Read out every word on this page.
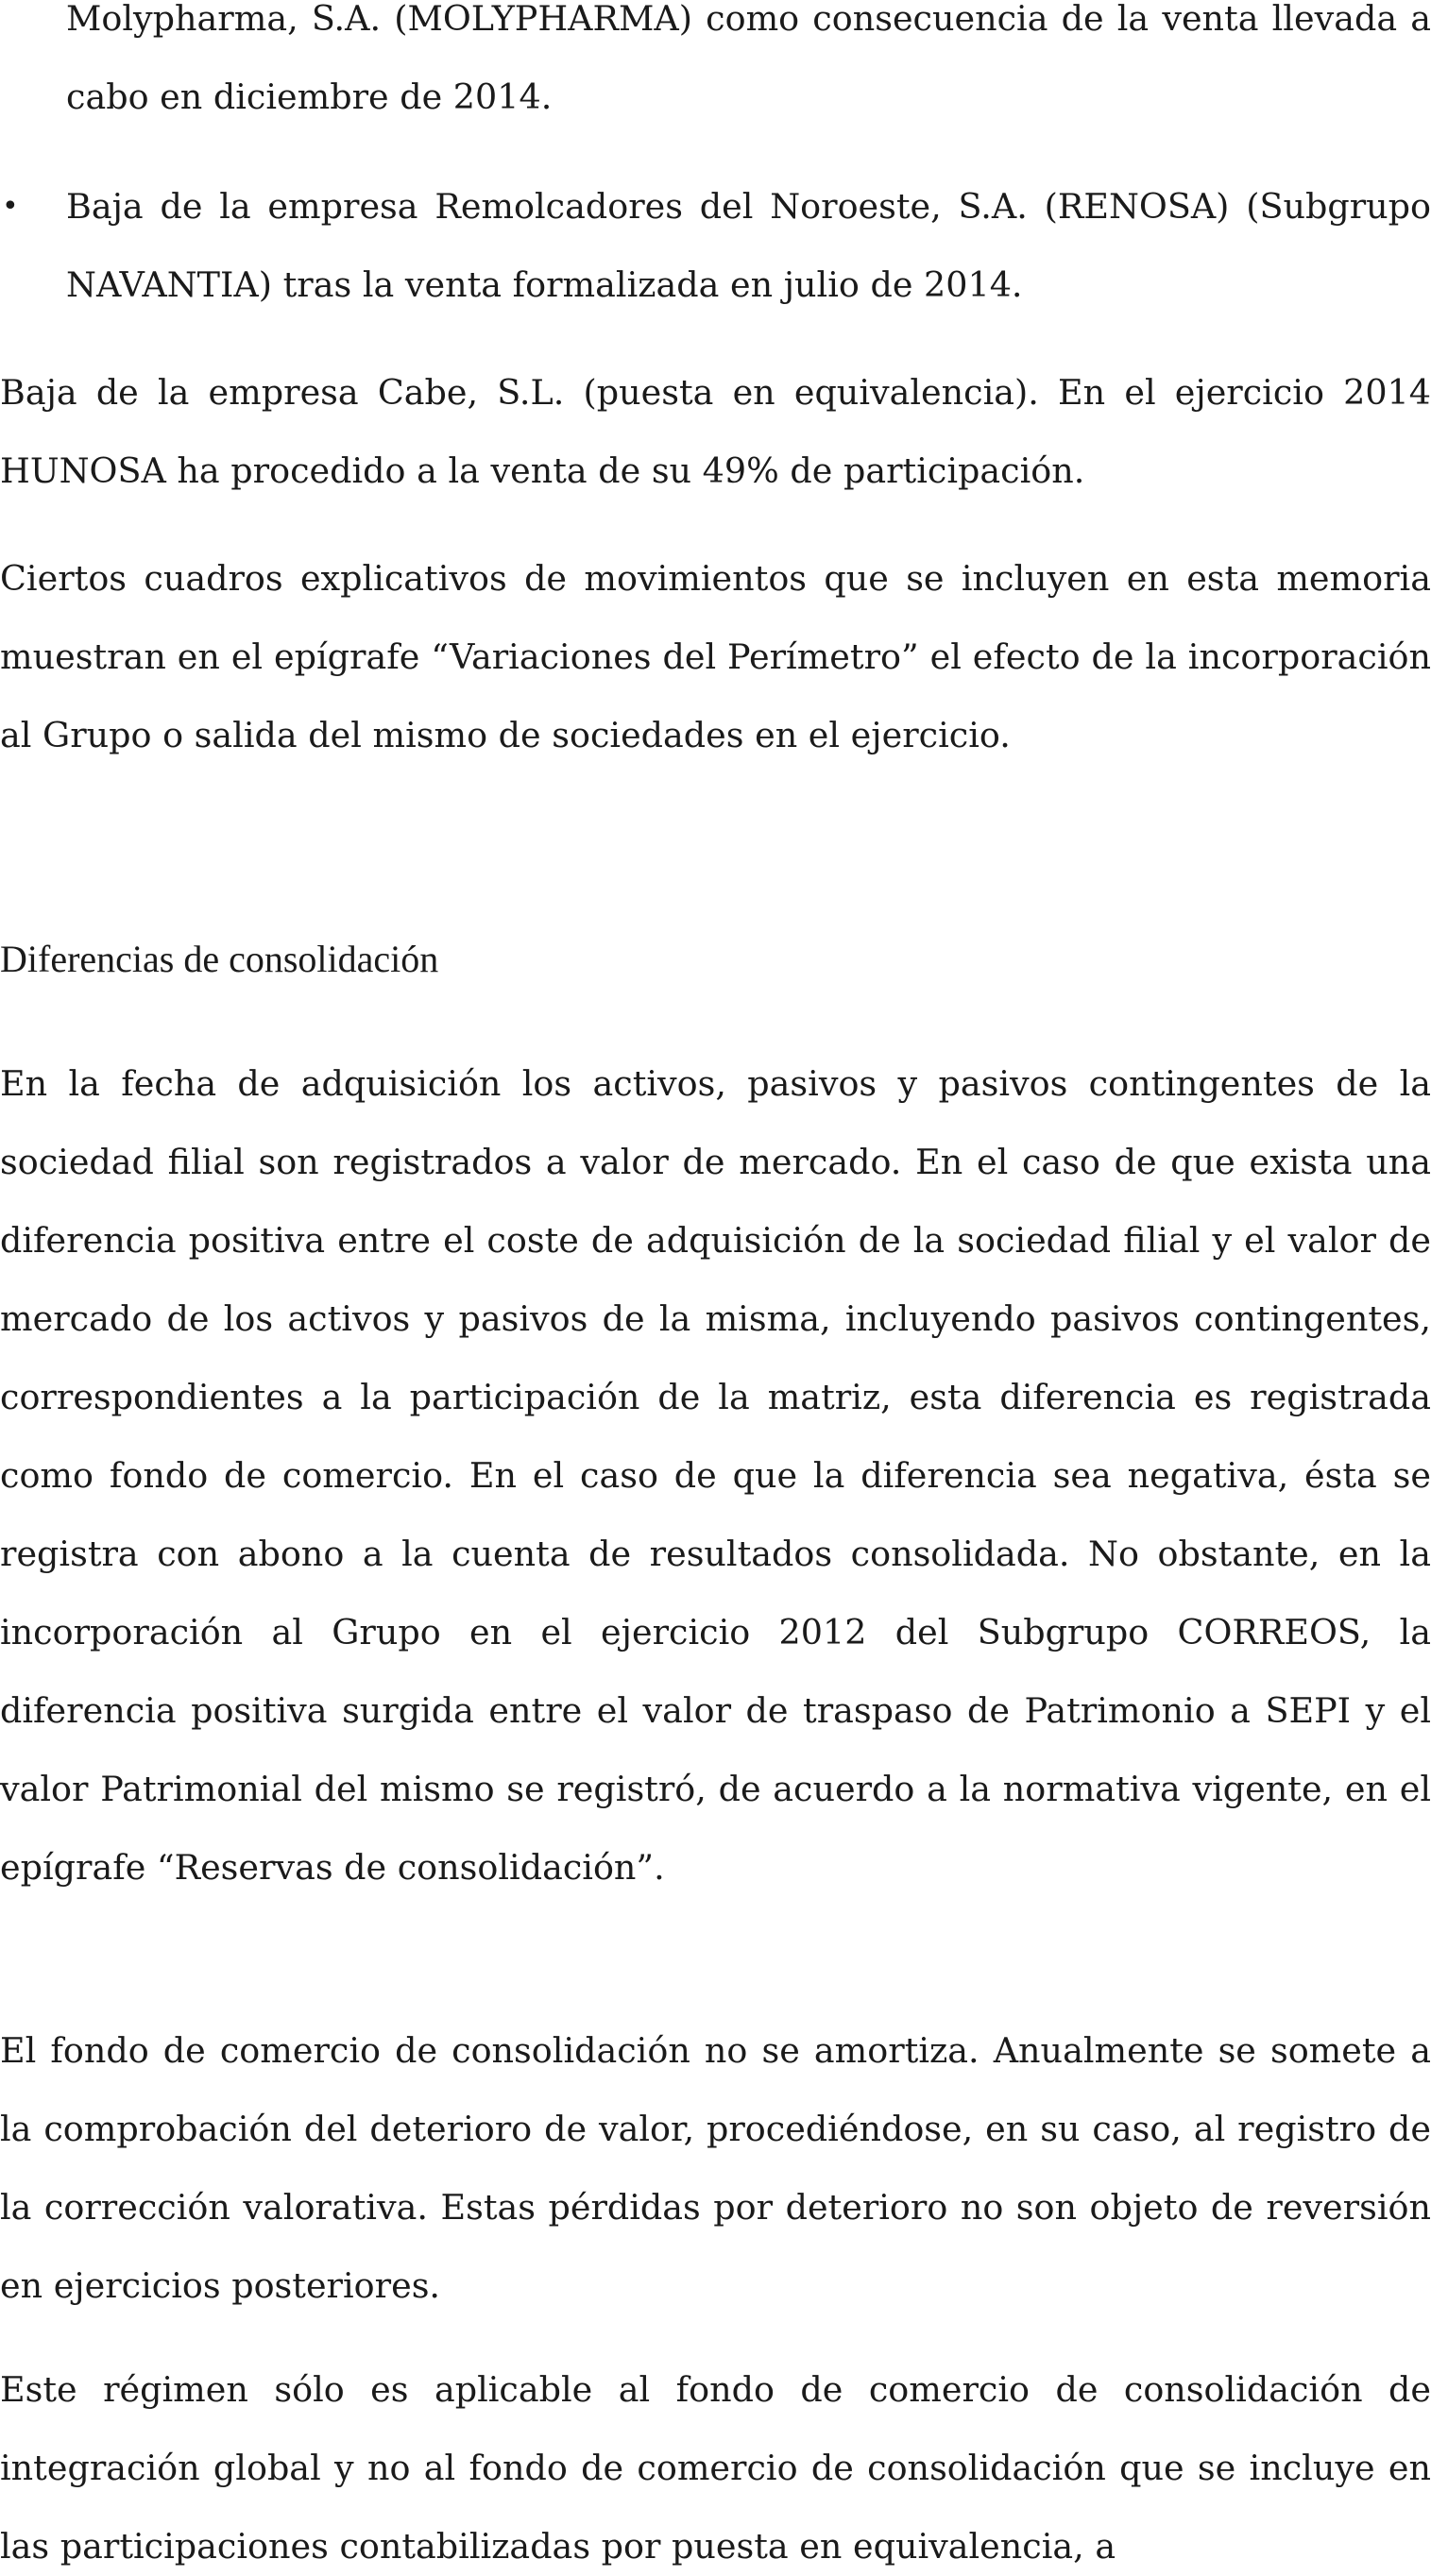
Molypharma, S.A. (MOLYPHARMA) como consecuencia de la venta llevada a cabo en diciembre de 2014.

•	Baja de la empresa Remolcadores del Noroeste, S.A. (RENOSA) (Subgrupo NAVANTIA) tras la venta formalizada en julio de 2014.

Baja de la empresa Cabe, S.L. (puesta en equivalencia). En el ejercicio 2014 HUNOSA ha procedido a la venta de su 49% de participación.

Ciertos cuadros explicativos de movimientos que se incluyen en esta memoria muestran en el epígrafe “Variaciones del Perímetro” el efecto de la incorporación al Grupo o salida del mismo de sociedades en el ejercicio.

Diferencias de consolidación

En la fecha de adquisición los activos, pasivos y pasivos contingentes de la sociedad filial son registrados a valor de mercado. En el caso de que exista una diferencia positiva entre el coste de adquisición de la sociedad filial y el valor de mercado de los activos y pasivos de la misma, incluyendo pasivos contingentes, correspondientes a la participación de la matriz, esta diferencia es registrada como fondo de comercio. En el caso de que la diferencia sea negativa, ésta se registra con abono a la cuenta de resultados consolidada. No obstante, en la incorporación al Grupo en el ejercicio 2012 del Subgrupo CORREOS, la diferencia positiva surgida entre el valor de traspaso de Patrimonio a SEPI y el valor Patrimonial del mismo se registró, de acuerdo a la normativa vigente, en el epígrafe “Reservas de consolidación”.

El fondo de comercio de consolidación no se amortiza. Anualmente se somete a la comprobación del deterioro de valor, procediéndose, en su caso, al registro de la corrección valorativa. Estas pérdidas por deterioro no son objeto de reversión en ejercicios posteriores.

Este régimen sólo es aplicable al fondo de comercio de consolidación de integración global y no al fondo de comercio de consolidación que se incluye en las participaciones contabilizadas por puesta en equivalencia, a
